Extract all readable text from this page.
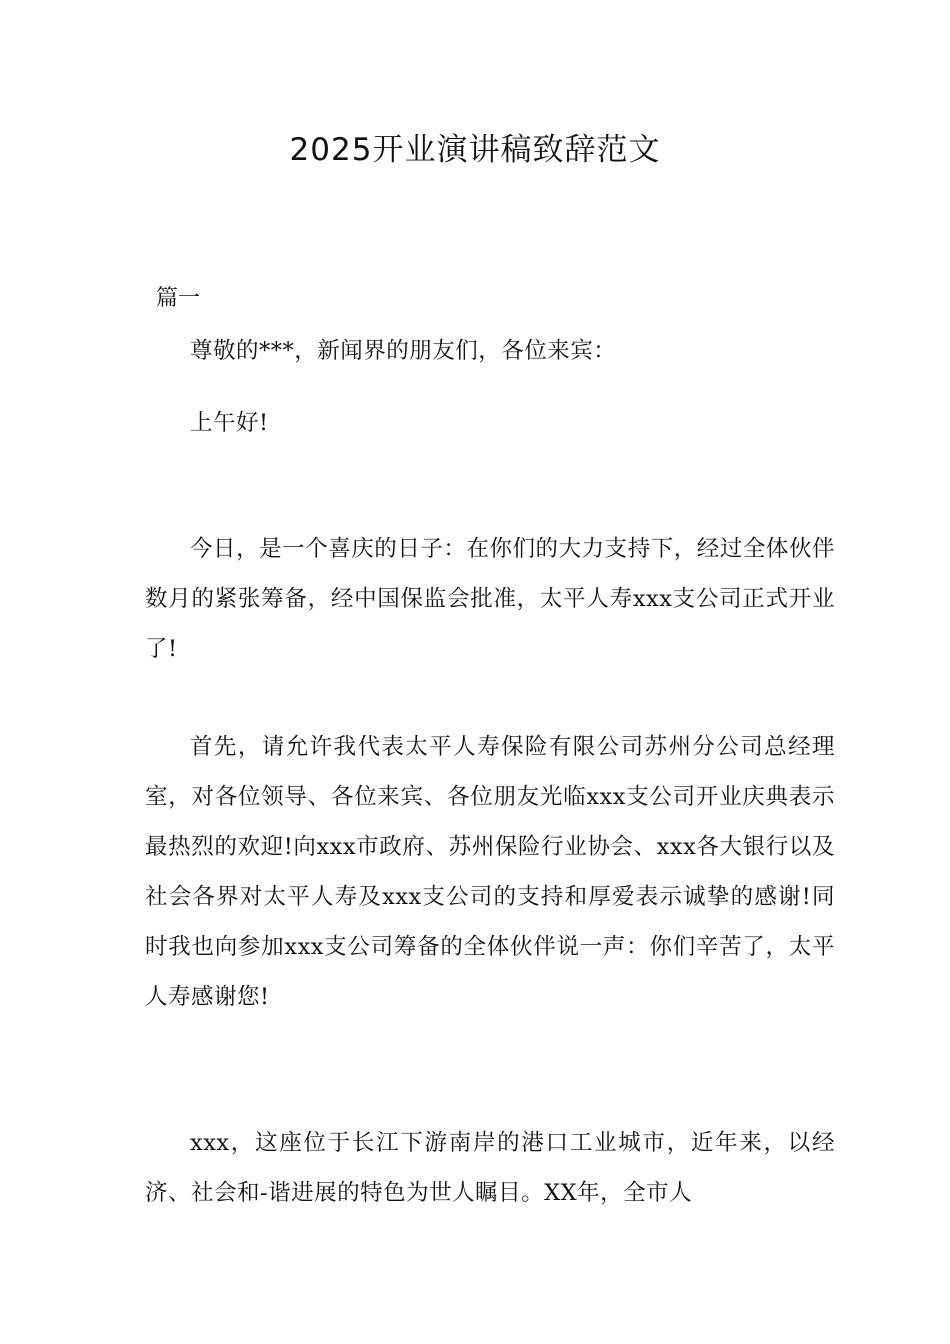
2025开业演讲稿致辞范文
篇一

尊敬的***，新闻界的朋友们，各位来宾：

上午好!

今日，是一个喜庆的日子：在你们的大力支持下，经过全体伙伴数月的紧张筹备，经中国保监会批准，太平人寿xxx支公司正式开业了!

首先，请允许我代表太平人寿保险有限公司苏州分公司总经理室，对各位领导、各位来宾、各位朋友光临xxx支公司开业庆典表示最热烈的欢迎!向xxx市政府、苏州保险行业协会、xxx各大银行以及社会各界对太平人寿及xxx支公司的支持和厚爱表示诚挚的感谢!同时我也向参加xxx支公司筹备的全体伙伴说一声：你们辛苦了，太平人寿感谢您!

xxx，这座位于长江下游南岸的港口工业城市，近年来，以经济、社会和-谐进展的特色为世人瞩目。XX年，全市人
